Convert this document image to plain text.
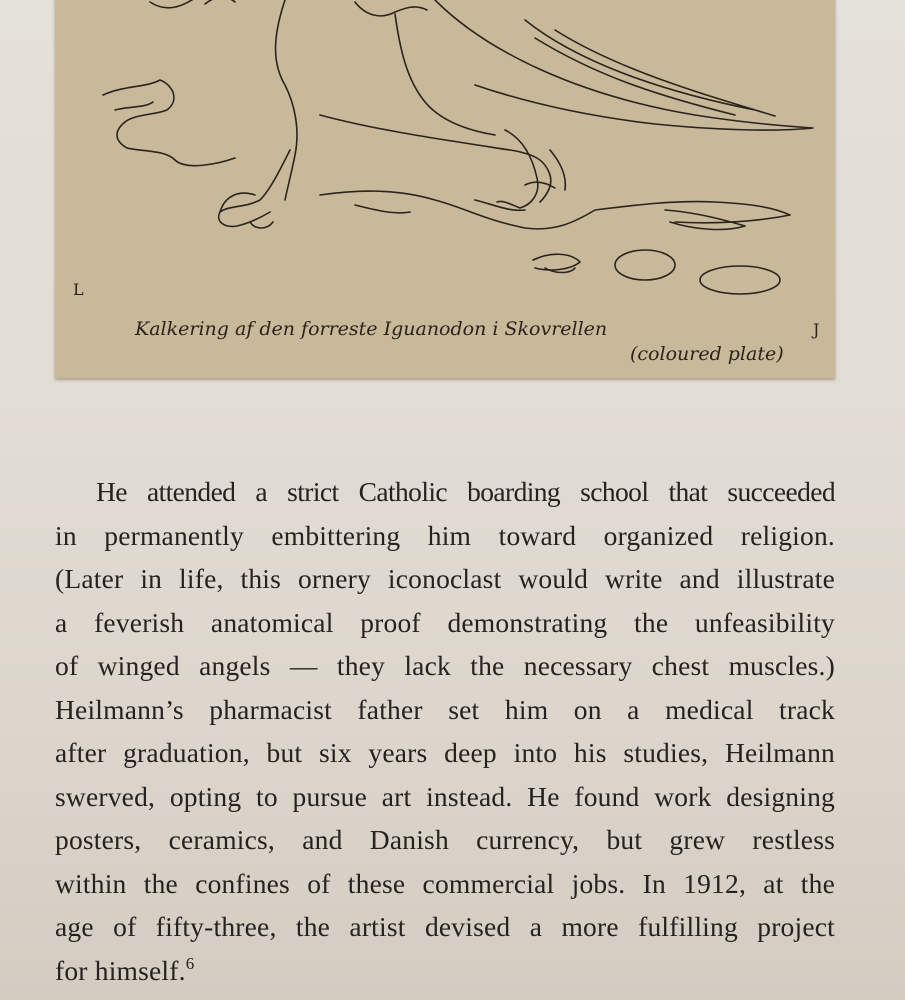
L
J
Kalkering af den forreste Iguanodon i Skovrellen
(coloured plate)
He attended a strict Catholic boarding school that succeeded
in permanently embittering him toward organized religion.
(Later in life, this ornery iconoclast would write and illustrate
a feverish anatomical proof demonstrating the unfeasibility
of winged angels — they lack the necessary chest muscles.)
Heilmann’s pharmacist father set him on a medical track
after graduation, but six years deep into his studies, Heilmann
swerved, opting to pursue art instead. He found work designing
posters, ceramics, and Danish currency, but grew restless
within the confines of these commercial jobs. In 1912, at the
age of fifty-three, the artist devised a more fulfilling project
for himself.$^6$
